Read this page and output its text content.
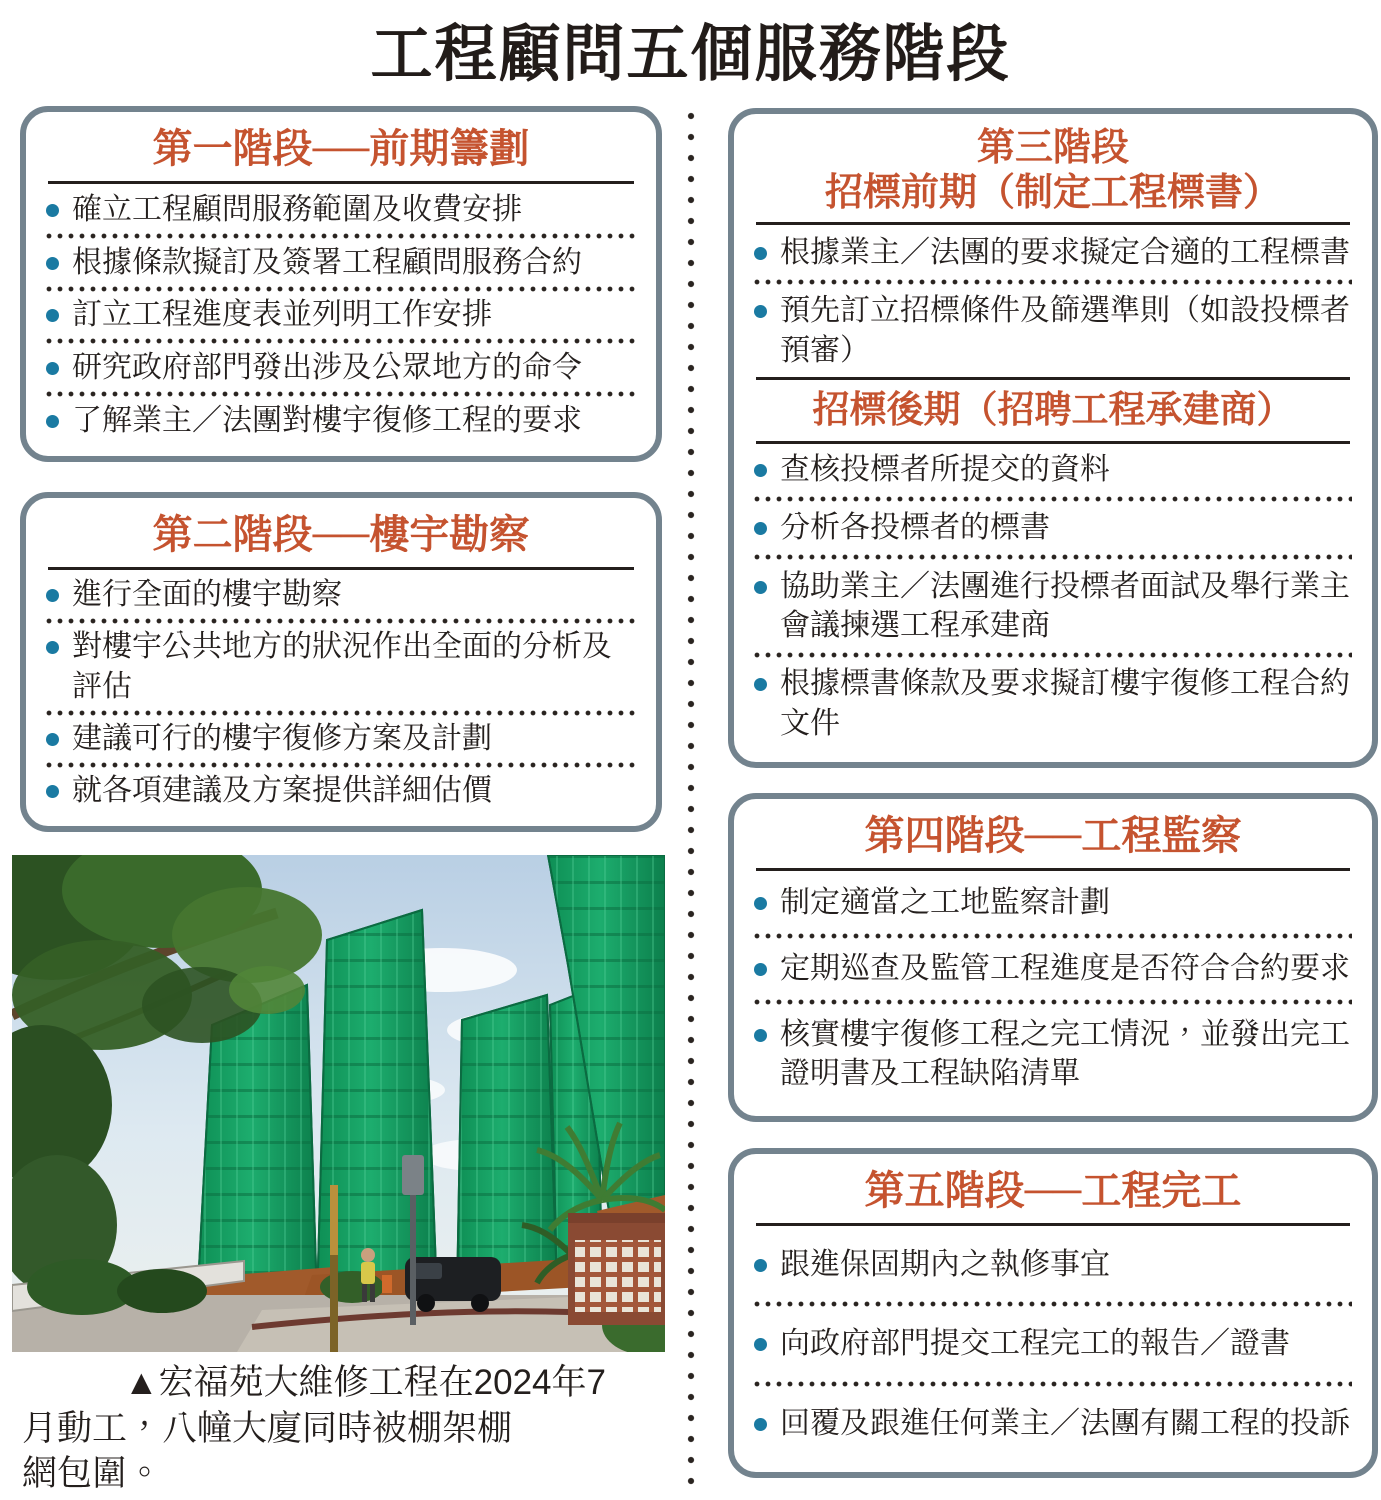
工程顧問五個服務階段
第一階段──前期籌劃
確立工程顧問服務範圍及收費安排
根據條款擬訂及簽署工程顧問服務合約
訂立工程進度表並列明工作安排
研究政府部門發出涉及公眾地方的命令
了解業主／法團對樓宇復修工程的要求
第二階段──樓宇勘察
進行全面的樓宇勘察
對樓宇公共地方的狀況作出全面的分析及評估
建議可行的樓宇復修方案及計劃
就各項建議及方案提供詳細估價
第三階段
招標前期（制定工程標書）
根據業主／法團的要求擬定合適的工程標書
預先訂立招標條件及篩選準則（如設投標者預審）
招標後期（招聘工程承建商）
查核投標者所提交的資料
分析各投標者的標書
協助業主／法團進行投標者面試及舉行業主會議揀選工程承建商
根據標書條款及要求擬訂樓宇復修工程合約文件
第四階段──工程監察
制定適當之工地監察計劃
定期巡查及監管工程進度是否符合合約要求
核實樓宇復修工程之完工情況，並發出完工證明書及工程缺陷清單
第五階段──工程完工
跟進保固期內之執修事宜
向政府部門提交工程完工的報告／證書
回覆及跟進任何業主／法團有關工程的投訴

▲宏福苑大維修工程在2024年7
月動工，八幢大廈同時被棚架棚
網包圍。
